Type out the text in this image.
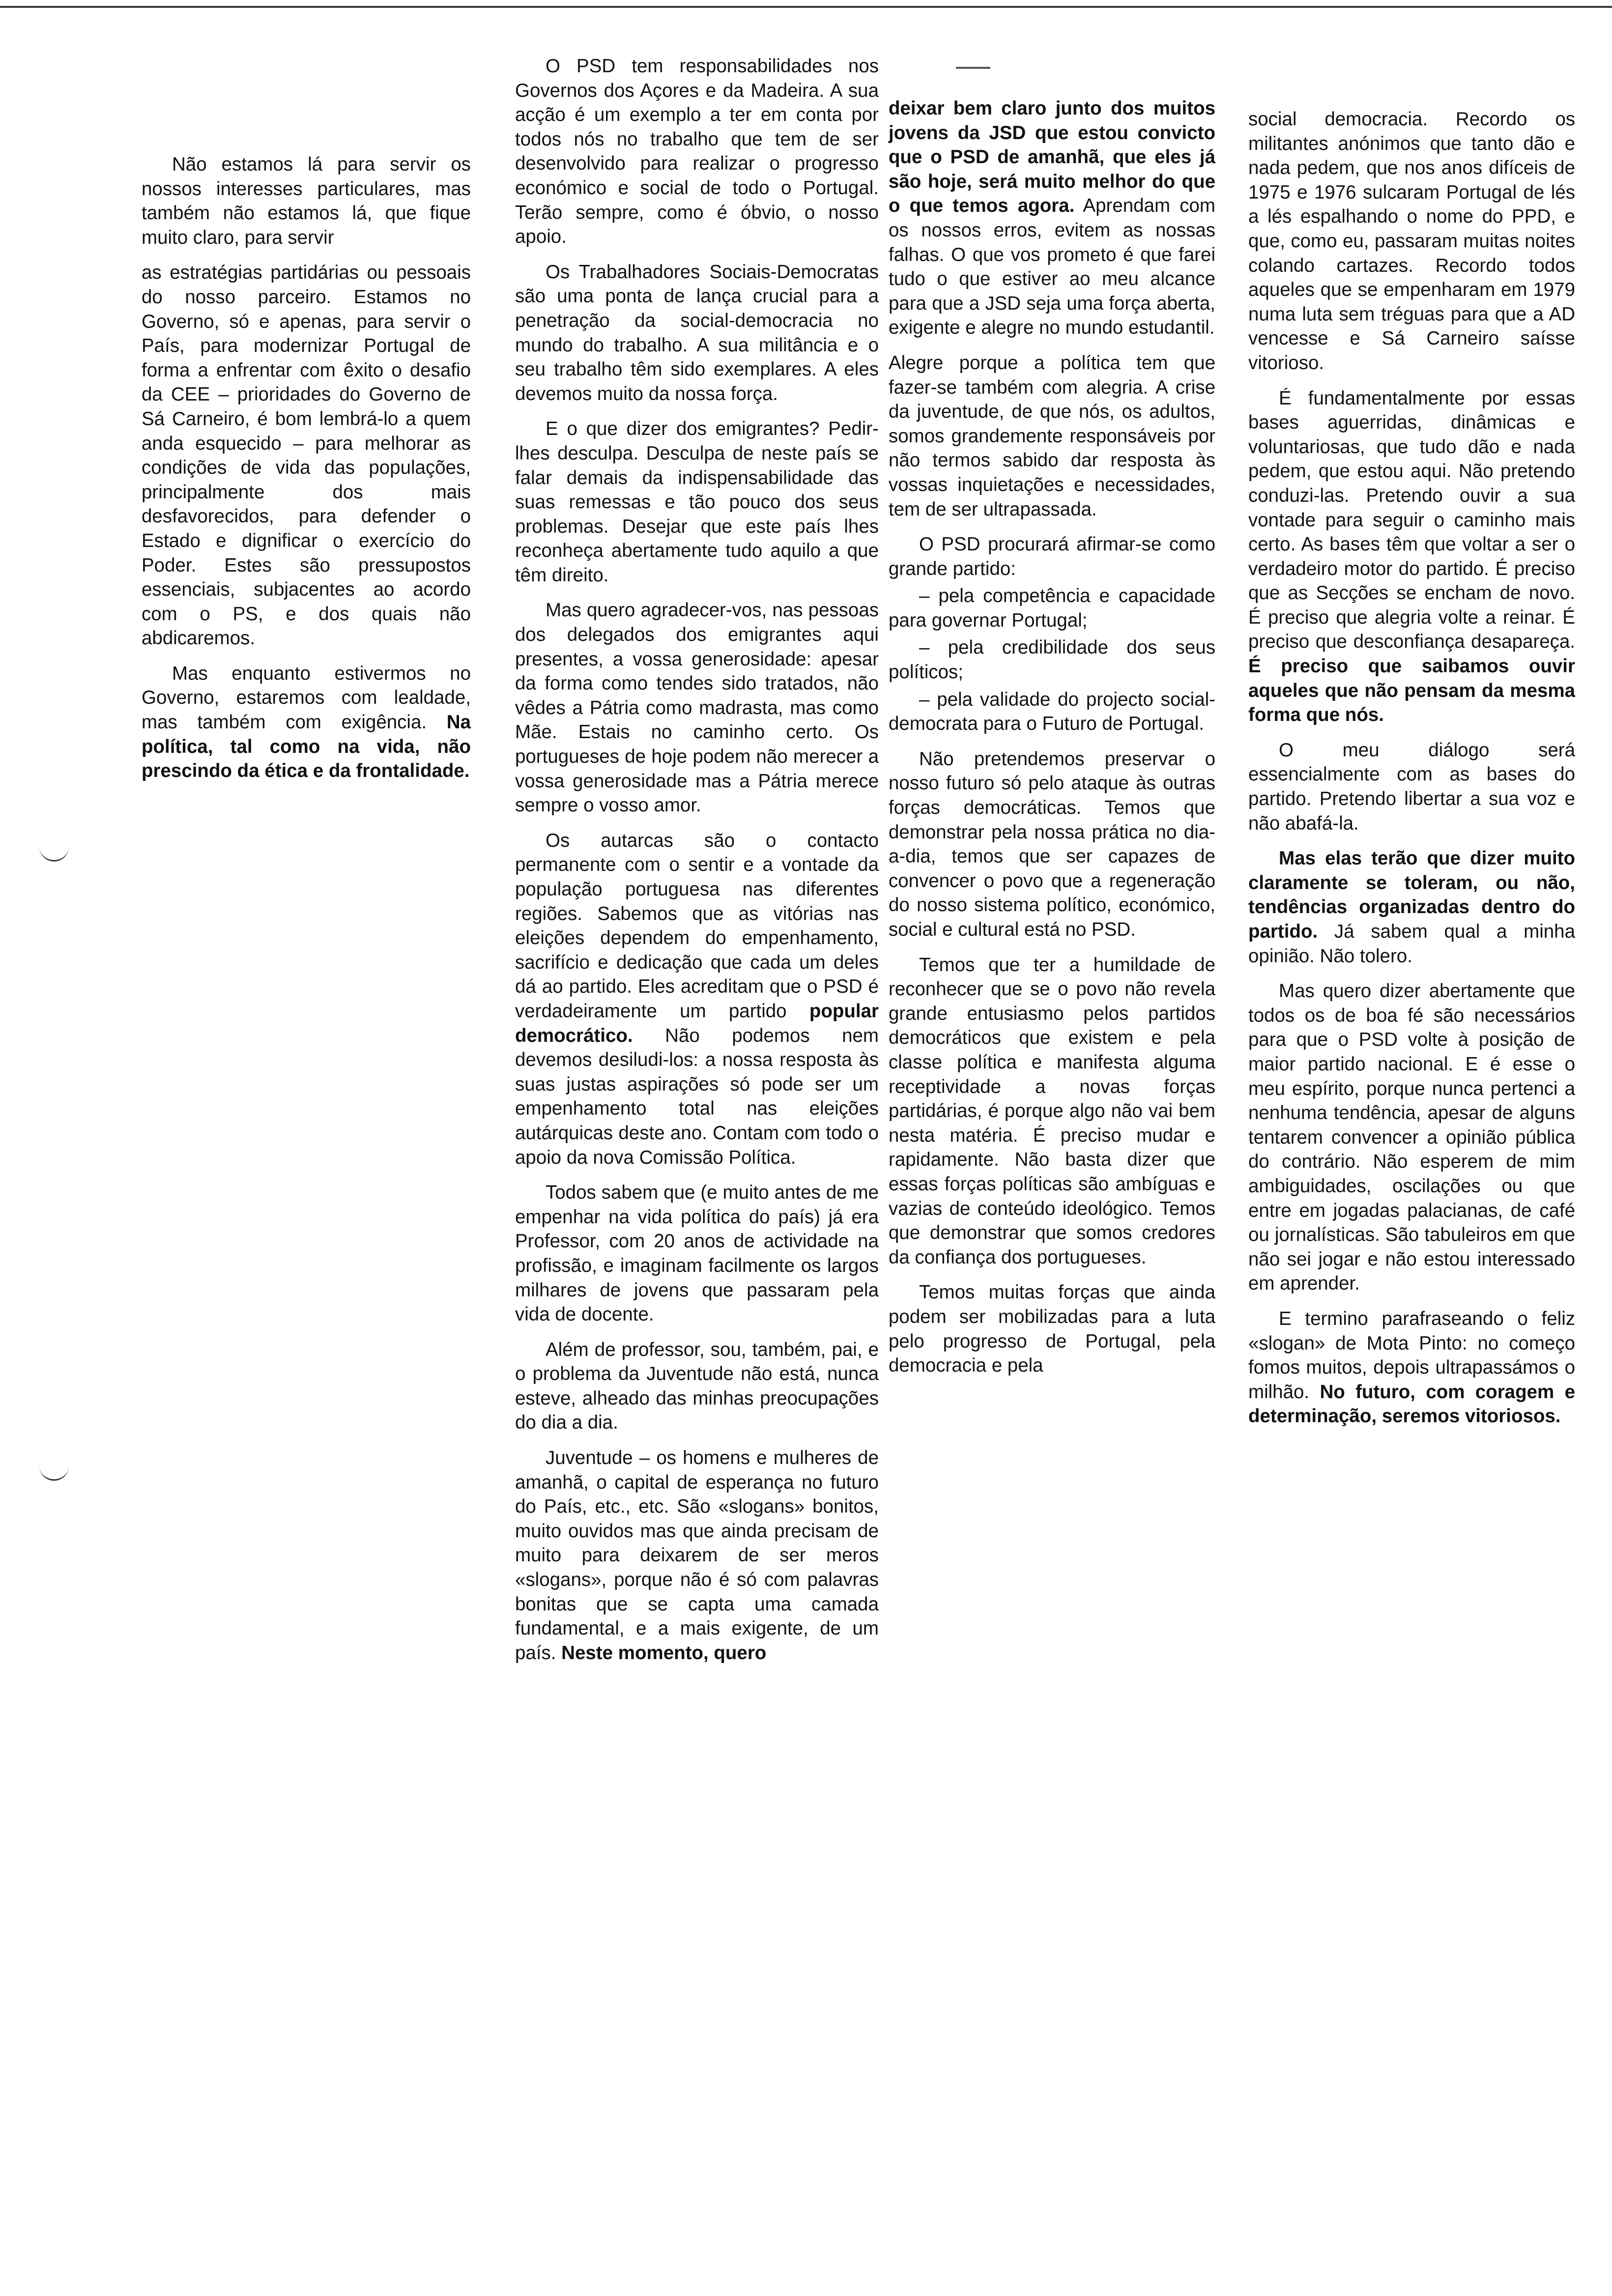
Não estamos lá para servir os nossos interesses particulares, mas também não estamos lá, que fique muito claro, para servir

as estratégias partidárias ou pessoais do nosso parceiro. Estamos no Governo, só e apenas, para servir o País, para modernizar Portugal de forma a enfrentar com êxito o desafio da CEE – prioridades do Governo de Sá Carneiro, é bom lembrá-lo a quem anda esquecido – para melhorar as condições de vida das populações, principalmente dos mais desfavorecidos, para defender o Estado e dignificar o exercício do Poder. Estes são pressupostos essenciais, subjacentes ao acordo com o PS, e dos quais não abdicaremos.

Mas enquanto estivermos no Governo, estaremos com lealdade, mas também com exigência. Na política, tal como na vida, não prescindo da ética e da frontalidade.

O PSD tem responsabilidades nos Governos dos Açores e da Madeira. A sua acção é um exemplo a ter em conta por todos nós no trabalho que tem de ser desenvolvido para realizar o progresso económico e social de todo o Portugal. Terão sempre, como é óbvio, o nosso apoio.

Os Trabalhadores Sociais-Democratas são uma ponta de lança crucial para a penetração da social-democracia no mundo do trabalho. A sua militância e o seu trabalho têm sido exemplares. A eles devemos muito da nossa força.

E o que dizer dos emigrantes? Pedir-lhes desculpa. Desculpa de neste país se falar demais da indispensabilidade das suas remessas e tão pouco dos seus problemas. Desejar que este país lhes reconheça abertamente tudo aquilo a que têm direito.

Mas quero agradecer-vos, nas pessoas dos delegados dos emigrantes aqui presentes, a vossa generosidade: apesar da forma como tendes sido tratados, não vêdes a Pátria como madrasta, mas como Mãe. Estais no caminho certo. Os portugueses de hoje podem não merecer a vossa generosidade mas a Pátria merece sempre o vosso amor.

Os autarcas são o contacto permanente com o sentir e a vontade da população portuguesa nas diferentes regiões. Sabemos que as vitórias nas eleições dependem do empenhamento, sacrifício e dedicação que cada um deles dá ao partido. Eles acreditam que o PSD é verdadeiramente um partido popular democrático. Não podemos nem devemos desiludi-los: a nossa resposta às suas justas aspirações só pode ser um empenhamento total nas eleições autárquicas deste ano. Contam com todo o apoio da nova Comissão Política.

Todos sabem que (e muito antes de me empenhar na vida política do país) já era Professor, com 20 anos de actividade na profissão, e imaginam facilmente os largos milhares de jovens que passaram pela vida de docente.

Além de professor, sou, também, pai, e o problema da Juventude não está, nunca esteve, alheado das minhas preocupações do dia a dia.

Juventude – os homens e mulheres de amanhã, o capital de esperança no futuro do País, etc., etc. São «slogans» bonitos, muito ouvidos mas que ainda precisam de muito para deixarem de ser meros «slogans», porque não é só com palavras bonitas que se capta uma camada fundamental, e a mais exigente, de um país. Neste momento, quero

deixar bem claro junto dos muitos jovens da JSD que estou convicto que o PSD de amanhã, que eles já são hoje, será muito melhor do que o que temos agora. Aprendam com os nossos erros, evitem as nossas falhas. O que vos prometo é que farei tudo o que estiver ao meu alcance para que a JSD seja uma força aberta, exigente e alegre no mundo estudantil.

Alegre porque a política tem que fazer-se também com alegria. A crise da juventude, de que nós, os adultos, somos grandemente responsáveis por não termos sabido dar resposta às vossas inquietações e necessidades, tem de ser ultrapassada.

O PSD procurará afirmar-se como grande partido:

– pela competência e capacidade para governar Portugal;

– pela credibilidade dos seus políticos;

– pela validade do projecto social-democrata para o Futuro de Portugal.

Não pretendemos preservar o nosso futuro só pelo ataque às outras forças democráticas. Temos que demonstrar pela nossa prática no dia-a-dia, temos que ser capazes de convencer o povo que a regeneração do nosso sistema político, económico, social e cultural está no PSD.

Temos que ter a humildade de reconhecer que se o povo não revela grande entusiasmo pelos partidos democráticos que existem e pela classe política e manifesta alguma receptividade a novas forças partidárias, é porque algo não vai bem nesta matéria. É preciso mudar e rapidamente. Não basta dizer que essas forças políticas são ambíguas e vazias de conteúdo ideológico. Temos que demonstrar que somos credores da confiança dos portugueses.

Temos muitas forças que ainda podem ser mobilizadas para a luta pelo progresso de Portugal, pela democracia e pela

social democracia. Recordo os militantes anónimos que tanto dão e nada pedem, que nos anos difíceis de 1975 e 1976 sulcaram Portugal de lés a lés espalhando o nome do PPD, e que, como eu, passaram muitas noites colando cartazes. Recordo todos aqueles que se empenharam em 1979 numa luta sem tréguas para que a AD vencesse e Sá Carneiro saísse vitorioso.

É fundamentalmente por essas bases aguerridas, dinâmicas e voluntariosas, que tudo dão e nada pedem, que estou aqui. Não pretendo conduzi-las. Pretendo ouvir a sua vontade para seguir o caminho mais certo. As bases têm que voltar a ser o verdadeiro motor do partido. É preciso que as Secções se encham de novo. É preciso que alegria volte a reinar. É preciso que desconfiança desapareça. É preciso que saibamos ouvir aqueles que não pensam da mesma forma que nós.

O meu diálogo será essencialmente com as bases do partido. Pretendo libertar a sua voz e não abafá-la.

Mas elas terão que dizer muito claramente se toleram, ou não, tendências organizadas dentro do partido. Já sabem qual a minha opinião. Não tolero.

Mas quero dizer abertamente que todos os de boa fé são necessários para que o PSD volte à posição de maior partido nacional. E é esse o meu espírito, porque nunca pertenci a nenhuma tendência, apesar de alguns tentarem convencer a opinião pública do contrário. Não esperem de mim ambiguidades, oscilações ou que entre em jogadas palacianas, de café ou jornalísticas. São tabuleiros em que não sei jogar e não estou interessado em aprender.

E termino parafraseando o feliz «slogan» de Mota Pinto: no começo fomos muitos, depois ultrapassámos o milhão. No futuro, com coragem e determinação, seremos vitoriosos.
